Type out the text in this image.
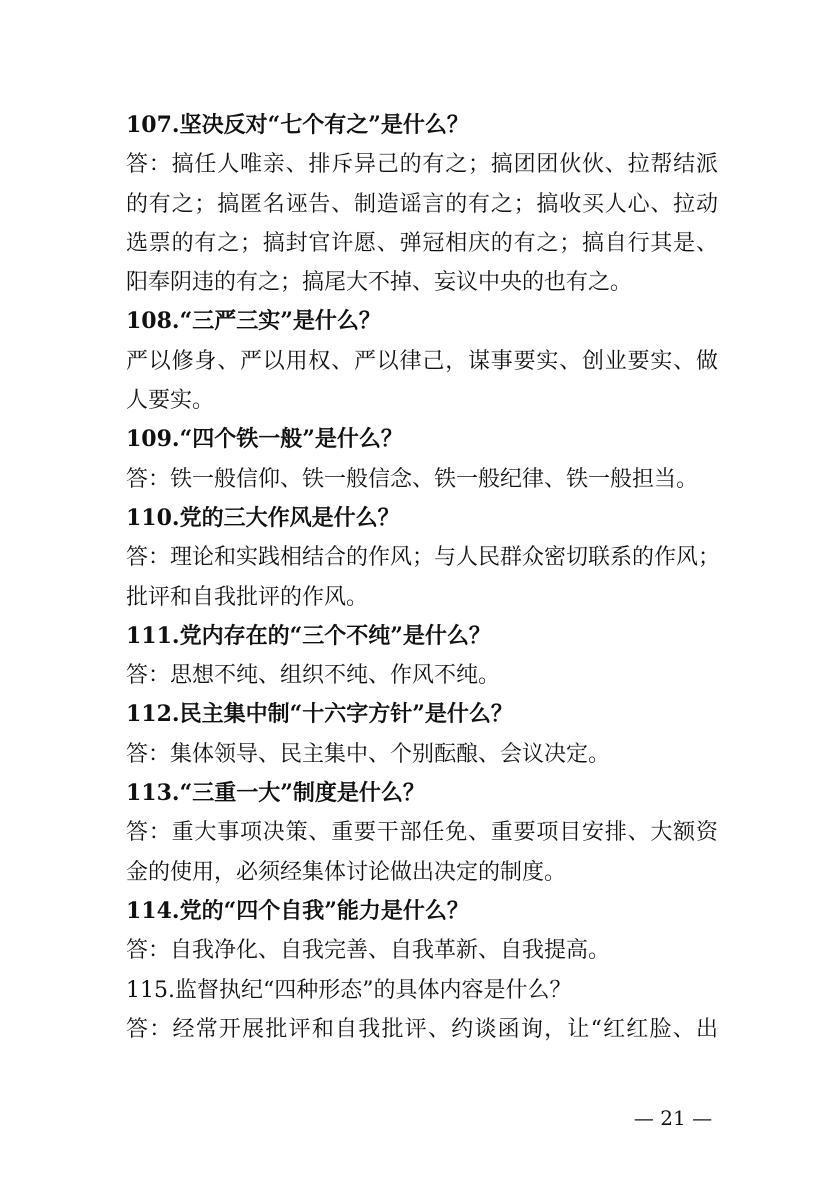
107.坚决反对“七个有之”是什么？
答：搞任人唯亲、排斥异己的有之；搞团团伙伙、拉帮结派
的有之；搞匿名诬告、制造谣言的有之；搞收买人心、拉动
选票的有之；搞封官许愿、弹冠相庆的有之；搞自行其是、
阳奉阴违的有之；搞尾大不掉、妄议中央的也有之。
108.“三严三实”是什么？
严以修身、严以用权、严以律己，谋事要实、创业要实、做
人要实。
109.“四个铁一般”是什么？
答：铁一般信仰、铁一般信念、铁一般纪律、铁一般担当。
110.党的三大作风是什么？
答：理论和实践相结合的作风；与人民群众密切联系的作风；
批评和自我批评的作风。
111.党内存在的“三个不纯”是什么？
答：思想不纯、组织不纯、作风不纯。
112.民主集中制“十六字方针”是什么？
答：集体领导、民主集中、个别酝酿、会议决定。
113.“三重一大”制度是什么？
答：重大事项决策、重要干部任免、重要项目安排、大额资
金的使用，必须经集体讨论做出决定的制度。
114.党的“四个自我”能力是什么？
答：自我净化、自我完善、自我革新、自我提高。
115.监督执纪“四种形态”的具体内容是什么？
答：经常开展批评和自我批评、约谈函询，让“红红脸、出
— 21 —
